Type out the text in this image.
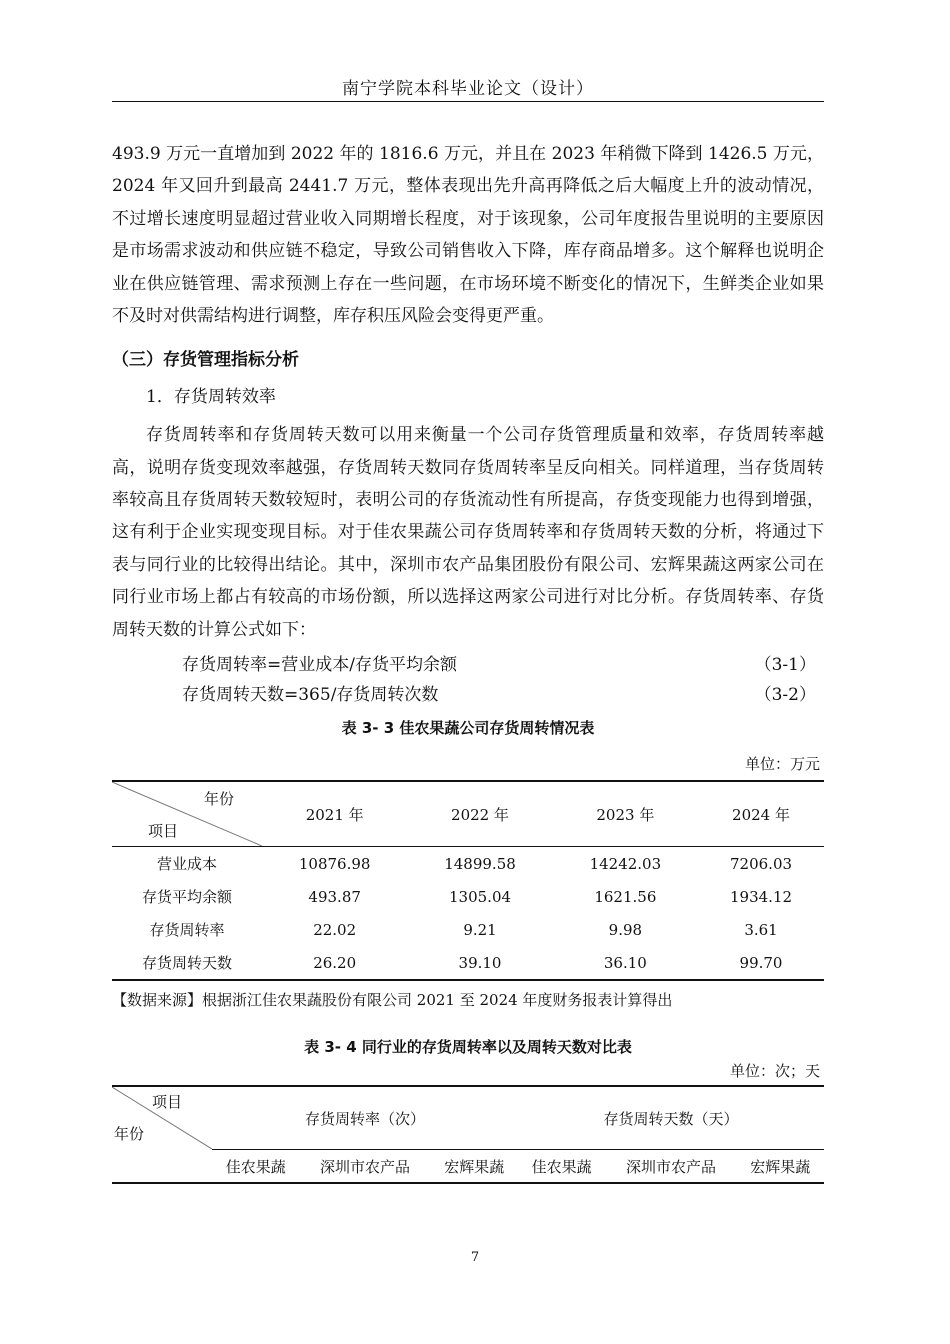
南宁学院本科毕业论文（设计）

493.9 万元一直增加到 2022 年的 1816.6 万元，并且在 2023 年稍微下降到 1426.5 万元，2024 年又回升到最高 2441.7 万元，整体表现出先升高再降低之后大幅度上升的波动情况，不过增长速度明显超过营业收入同期增长程度，对于该现象，公司年度报告里说明的主要原因是市场需求波动和供应链不稳定，导致公司销售收入下降，库存商品增多。这个解释也说明企业在供应链管理、需求预测上存在一些问题，在市场环境不断变化的情况下，生鲜类企业如果不及时对供需结构进行调整，库存积压风险会变得更严重。

（三）存货管理指标分析
1．存货周转效率

存货周转率和存货周转天数可以用来衡量一个公司存货管理质量和效率，存货周转率越高，说明存货变现效率越强，存货周转天数同存货周转率呈反向相关。同样道理，当存货周转率较高且存货周转天数较短时，表明公司的存货流动性有所提高，存货变现能力也得到增强，这有利于企业实现变现目标。对于佳农果蔬公司存货周转率和存货周转天数的分析，将通过下表与同行业的比较得出结论。其中，深圳市农产品集团股份有限公司、宏辉果蔬这两家公司在同行业市场上都占有较高的市场份额，所以选择这两家公司进行对比分析。存货周转率、存货周转天数的计算公式如下：

存货周转率=营业成本/存货平均余额	（3-1）
存货周转天数=365/存货周转次数	（3-2）
表 3- 3 佳农果蔬公司存货周转情况表
单位：万元
年份
项目	2021 年	2022 年	2023 年	2024 年
营业成本	10876.98	14899.58	14242.03	7206.03
存货平均余额	493.87	1305.04	1621.56	1934.12
存货周转率	22.02	9.21	9.98	3.61
存货周转天数	26.20	39.10	36.10	99.70
【数据来源】根据浙江佳农果蔬股份有限公司 2021 至 2024 年度财务报表计算得出
表 3- 4 同行业的存货周转率以及周转天数对比表
单位：次；天
项目
年份	存货周转率（次）			存货周转天数（天）		
	佳农果蔬	深圳市农产品	宏辉果蔬	佳农果蔬	深圳市农产品	宏辉果蔬
7
